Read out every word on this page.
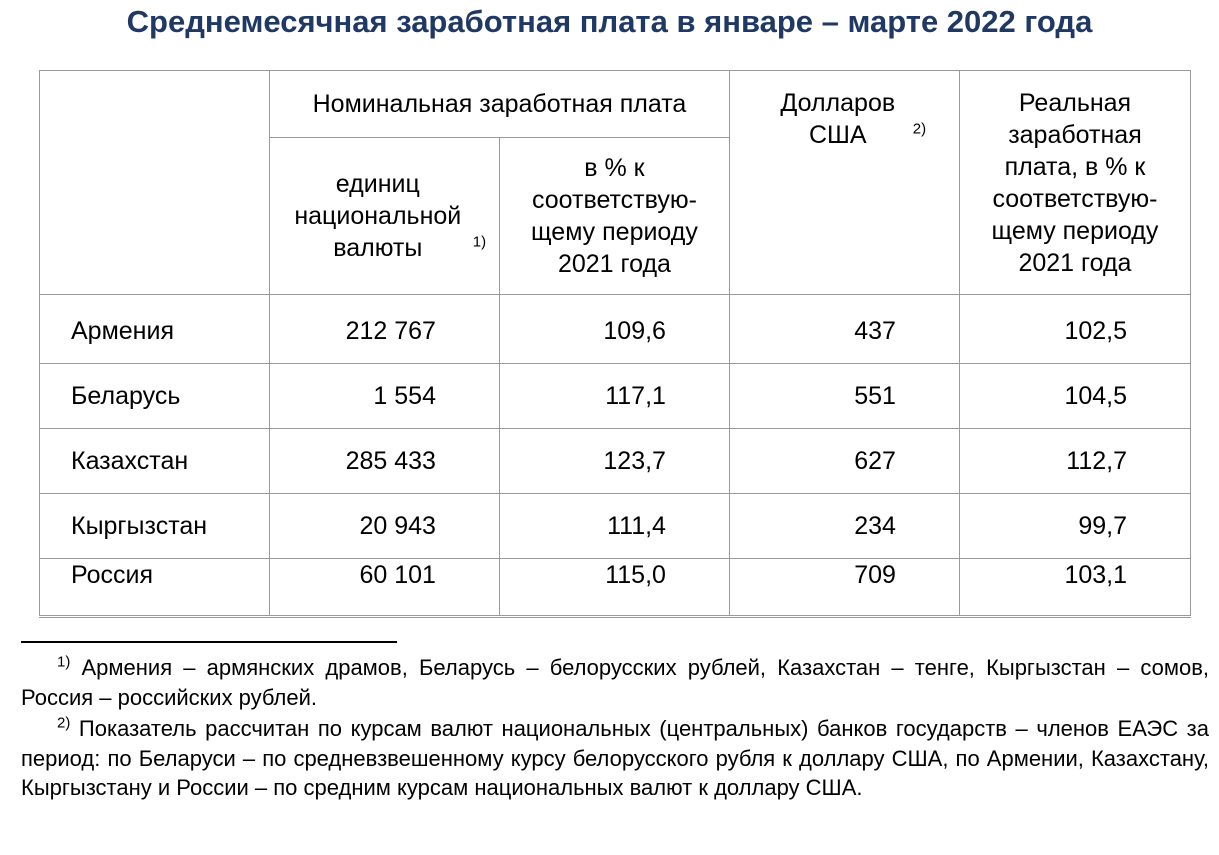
Среднемесячная заработная плата в январе – марте 2022 года
	Номинальная заработная плата		Долларов США $^{2)}$	Реальная заработная плата, в % к соответствую-щему периоду 2021 года
	единиц национальной валюты $^{1)}$	в % к соответствую-щему периоду 2021 года		
Армения	212 767	109,6	437	102,5
Беларусь	1 554	117,1	551	104,5
Казахстан	285 433	123,7	627	112,7
Кыргызстан	20 943	111,4	234	99,7
Россия	60 101	115,0	709	103,1

$^{1)}$ Армения – армянских драмов, Беларусь – белорусских рублей, Казахстан – тенге, Кыргызстан – сомов, Россия – российских рублей.

$^{2)}$ Показатель рассчитан по курсам валют национальных (центральных) банков государств – членов ЕАЭС за период: по Беларуси – по средневзвешенному курсу белорусского рубля к доллару США, по Армении, Казахстану, Кыргызстану и России – по средним курсам национальных валют к доллару США.
